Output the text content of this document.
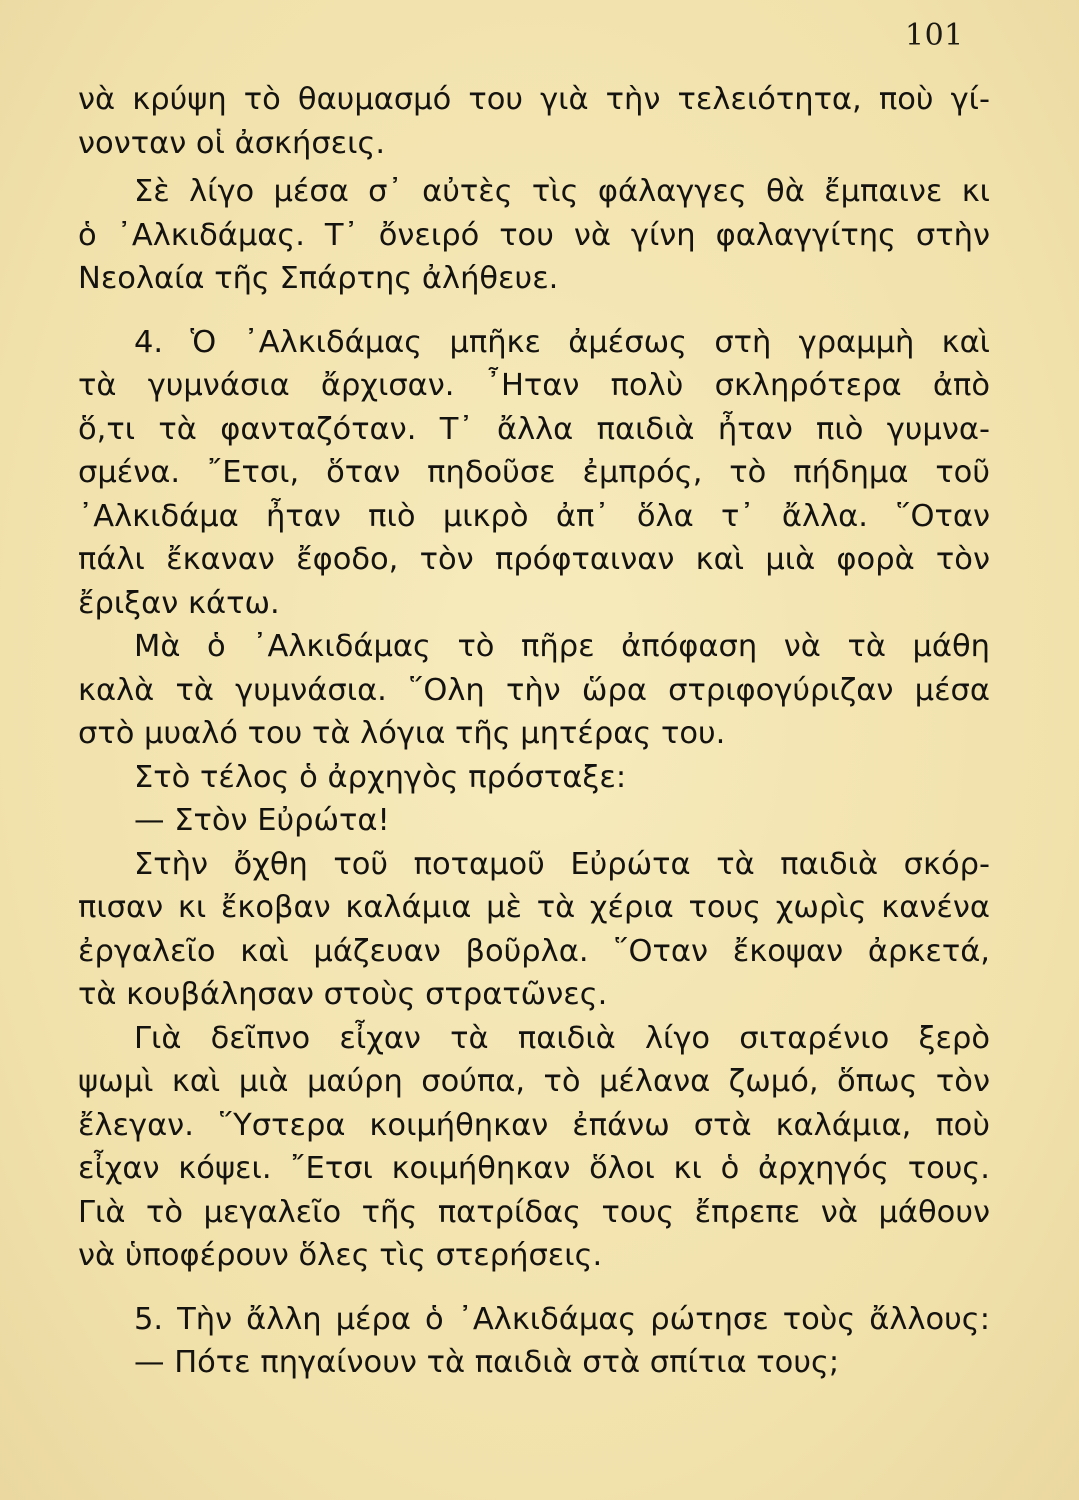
101
νὰ κρύψη τὸ θαυμασμό του γιὰ τὴν τελειότητα, ποὺ γί-
νονταν οἱ ἀσκήσεις.
Σὲ λίγο μέσα σ᾿ αὐτὲς τὶς φάλαγγες θὰ ἔμπαινε κι
ὁ ᾿Αλκιδάμας. Τ᾿ ὄνειρό του νὰ γίνη φαλαγγίτης στὴν
Νεολαία τῆς Σπάρτης ἀλήθευε.
4. Ὁ ᾿Αλκιδάμας μπῆκε ἀμέσως στὴ γραμμὴ καὶ
τὰ γυμνάσια ἄρχισαν. ῏Ηταν πολὺ σκληρότερα ἀπὸ
ὅ,τι τὰ φανταζόταν. Τ᾿ ἄλλα παιδιὰ ἦταν πιὸ γυμνα-
σμένα. ῎Ετσι, ὅταν πηδοῦσε ἐμπρός, τὸ πήδημα τοῦ
᾿Αλκιδάμα ἦταν πιὸ μικρὸ ἀπ᾿ ὅλα τ᾿ ἄλλα. ῞Οταν
πάλι ἔκαναν ἔφοδο, τὸν πρόφταιναν καὶ μιὰ φορὰ τὸν
ἔριξαν κάτω.
Μὰ ὁ ᾿Αλκιδάμας τὸ πῆρε ἀπόφαση νὰ τὰ μάθη
καλὰ τὰ γυμνάσια. ῞Ολη τὴν ὥρα στριφογύριζαν μέσα
στὸ μυαλό του τὰ λόγια τῆς μητέρας του.
Στὸ τέλος ὁ ἀρχηγὸς πρόσταξε:
— Στὸν Εὐρώτα!
Στὴν ὄχθη τοῦ ποταμοῦ Εὐρώτα τὰ παιδιὰ σκόρ-
πισαν κι ἔκοβαν καλάμια μὲ τὰ χέρια τους χωρὶς κανένα
ἐργαλεῖο καὶ μάζευαν βοῦρλα. ῞Οταν ἔκοψαν ἀρκετά,
τὰ κουβάλησαν στοὺς στρατῶνες.
Γιὰ δεῖπνο εἶχαν τὰ παιδιὰ λίγο σιταρένιο ξερὸ
ψωμὶ καὶ μιὰ μαύρη σούπα, τὸ μέλανα ζωμό, ὅπως τὸν
ἔλεγαν. ῞Υστερα κοιμήθηκαν ἐπάνω στὰ καλάμια, ποὺ
εἶχαν κόψει. ῎Ετσι κοιμήθηκαν ὅλοι κι ὁ ἀρχηγός τους.
Γιὰ τὸ μεγαλεῖο τῆς πατρίδας τους ἔπρεπε νὰ μάθουν
νὰ ὑποφέρουν ὅλες τὶς στερήσεις.
5. Τὴν ἄλλη μέρα ὁ ᾿Αλκιδάμας ρώτησε τοὺς ἄλλους:
— Πότε πηγαίνουν τὰ παιδιὰ στὰ σπίτια τους;
